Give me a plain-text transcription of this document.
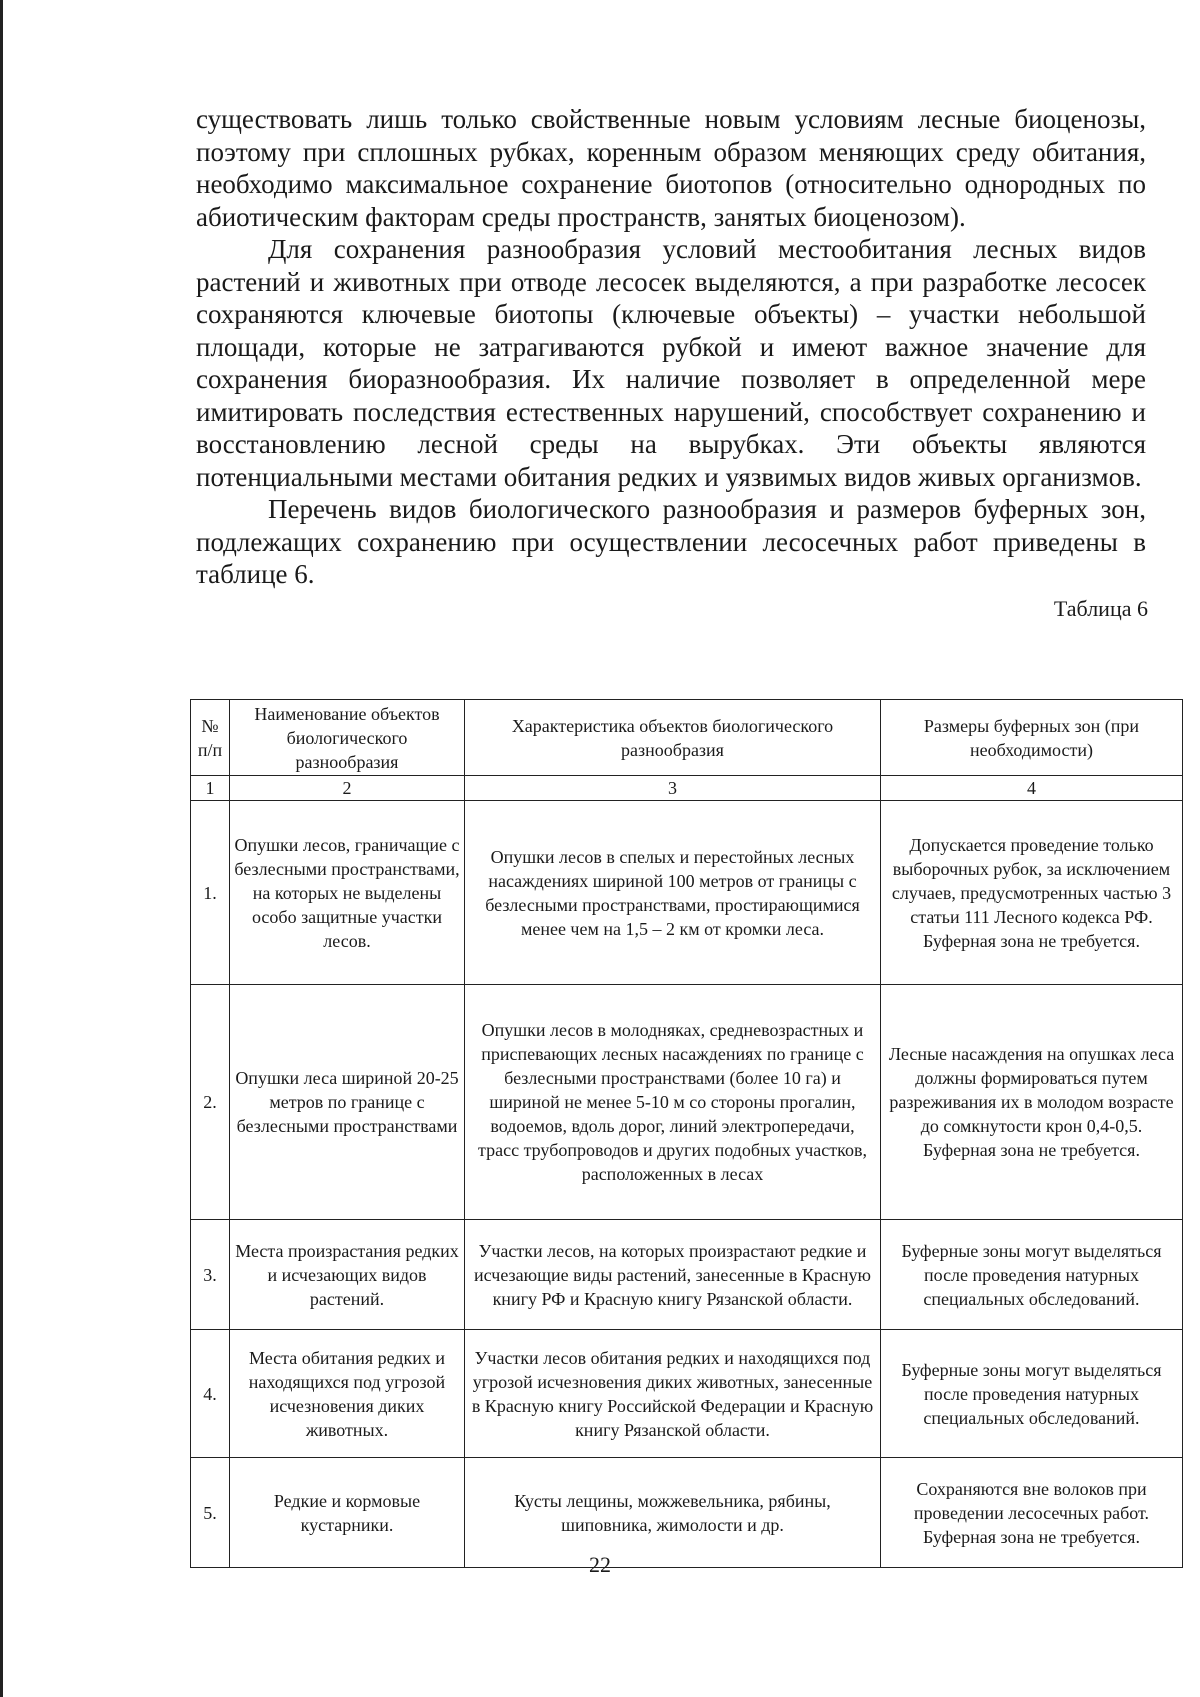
существовать лишь только свойственные новым условиям лесные биоценозы, поэтому при сплошных рубках, коренным образом меняющих среду обитания, необходимо максимальное сохранение биотопов (относительно однородных по абиотическим факторам среды пространств, занятых биоценозом).

Для сохранения разнообразия условий местообитания лесных видов растений и животных при отводе лесосек выделяются, а при разработке лесосек сохраняются ключевые биотопы (ключевые объекты) – участки небольшой площади, которые не затрагиваются рубкой и имеют важное значение для сохранения биоразнообразия. Их наличие позволяет в определенной мере имитировать последствия естественных нарушений, способствует сохранению и восстановлению лесной среды на вырубках. Эти объекты являются потенциальными местами обитания редких и уязвимых видов живых организмов.

Перечень видов биологического разнообразия и размеров буферных зон, подлежащих сохранению при осуществлении лесосечных работ приведены в таблице 6.

Таблица 6
№ п/п	Наименование объектов биологического разнообразия	Характеристика объектов биологического разнообразия	Размеры буферных зон (при необходимости)
1	2	3	4
1.	Опушки лесов, граничащие с безлесными пространствами, на которых не выделены особо защитные участки лесов.	Опушки лесов в спелых и перестойных лесных насаждениях шириной 100 метров от границы с безлесными пространствами, простирающимися менее чем на 1,5 – 2 км от кромки леса.	Допускается проведение только выборочных рубок, за исключением случаев, предусмотренных частью 3 статьи 111 Лесного кодекса РФ. Буферная зона не требуется.
2.	Опушки леса шириной 20-25 метров по границе с безлесными пространствами	Опушки лесов в молодняках, средневозрастных и приспевающих лесных насаждениях по границе с безлесными пространствами (более 10 га) и шириной не менее 5-10 м со стороны прогалин, водоемов, вдоль дорог, линий электропередачи, трасс трубопроводов и других подобных участков, расположенных в лесах	Лесные насаждения на опушках леса должны формироваться путем разреживания их в молодом возрасте до сомкнутости крон 0,4-0,5. Буферная зона не требуется.
3.	Места произрастания редких и исчезающих видов растений.	Участки лесов, на которых произрастают редкие и исчезающие виды растений, занесенные в Красную книгу РФ и Красную книгу Рязанской области.	Буферные зоны могут выделяться после проведения натурных специальных обследований.
4.	Места обитания редких и находящихся под угрозой исчезновения диких животных.	Участки лесов обитания редких и находящихся под угрозой исчезновения диких животных, занесенные в Красную книгу Российской Федерации и Красную книгу Рязанской области.	Буферные зоны могут выделяться после проведения натурных специальных обследований.
5.	Редкие и кормовые кустарники.	Кусты лещины, можжевельника, рябины, шиповника, жимолости и др.	Сохраняются вне волоков при проведении лесосечных работ. Буферная зона не требуется.
22
